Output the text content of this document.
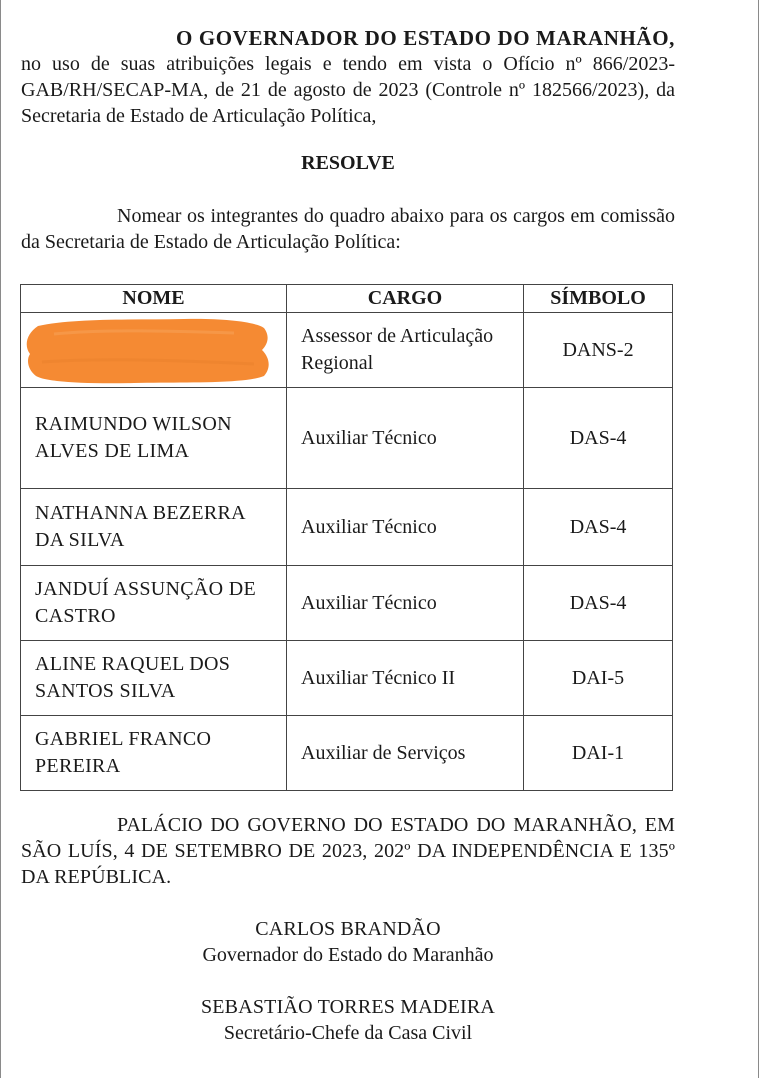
O GOVERNADOR DO ESTADO DO MARANHÃO,
no uso de suas atribuições legais e tendo em vista o Ofício nº 866/2023-GAB/RH/SECAP-MA, de 21 de agosto de 2023 (Controle nº 182566/2023), da Secretaria de Estado de Articulação Política,
RESOLVE
Nomear os integrantes do quadro abaixo para os cargos em comissão da Secretaria de Estado de Articulação Política:
NOME	CARGO	SÍMBOLO

	Assessor de Articulação Regional	DANS-2
RAIMUNDO WILSON ALVES DE LIMA	Auxiliar Técnico	DAS-4
NATHANNA BEZERRA DA SILVA	Auxiliar Técnico	DAS-4
JANDUÍ ASSUNÇÃO DE CASTRO	Auxiliar Técnico	DAS-4
ALINE RAQUEL DOS SANTOS SILVA	Auxiliar Técnico II	DAI-5
GABRIEL FRANCO PEREIRA	Auxiliar de Serviços	DAI-1
PALÁCIO DO GOVERNO DO ESTADO DO MARANHÃO, EM SÃO LUÍS, 4 DE SETEMBRO DE 2023, 202º DA INDEPENDÊNCIA E 135º DA REPÚBLICA.
CARLOS BRANDÃO
Governador do Estado do Maranhão
SEBASTIÃO TORRES MADEIRA
Secretário-Chefe da Casa Civil
